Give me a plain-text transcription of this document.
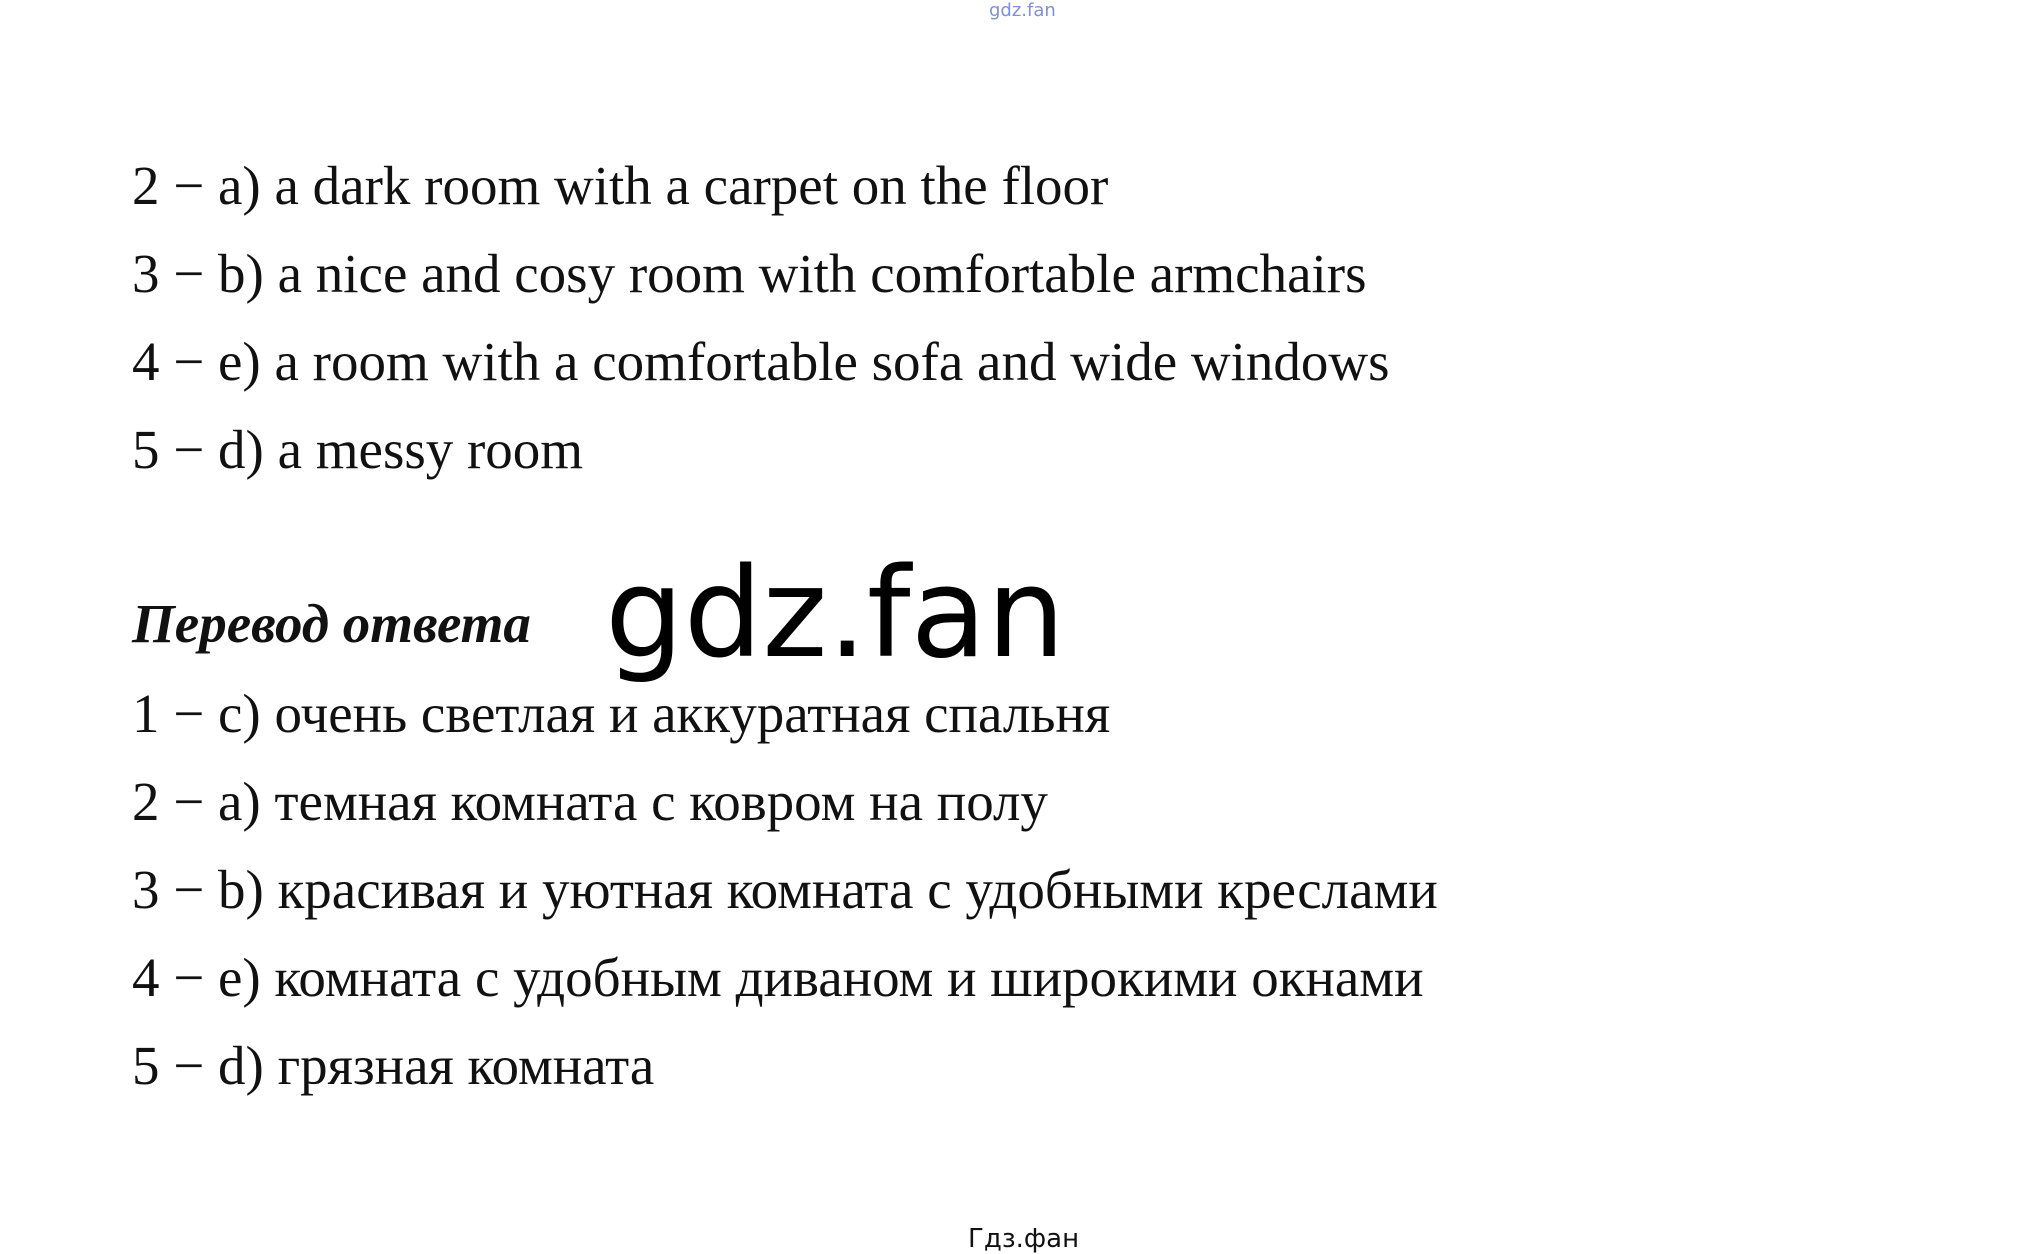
gdz.fan
2 − a) a dark room with a carpet on the floor
3 − b) a nice and cosy room with comfortable armchairs
4 − e) a room with a comfortable sofa and wide windows
5 − d) a messy room
Перевод ответа gdz.fan
1 − c) очень светлая и аккуратная спальня
2 − a) темная комната с ковром на полу
3 − b) красивая и уютная комната с удобными креслами
4 − e) комната с удобным диваном и широкими окнами
5 − d) грязная комната
Гдз.фан
